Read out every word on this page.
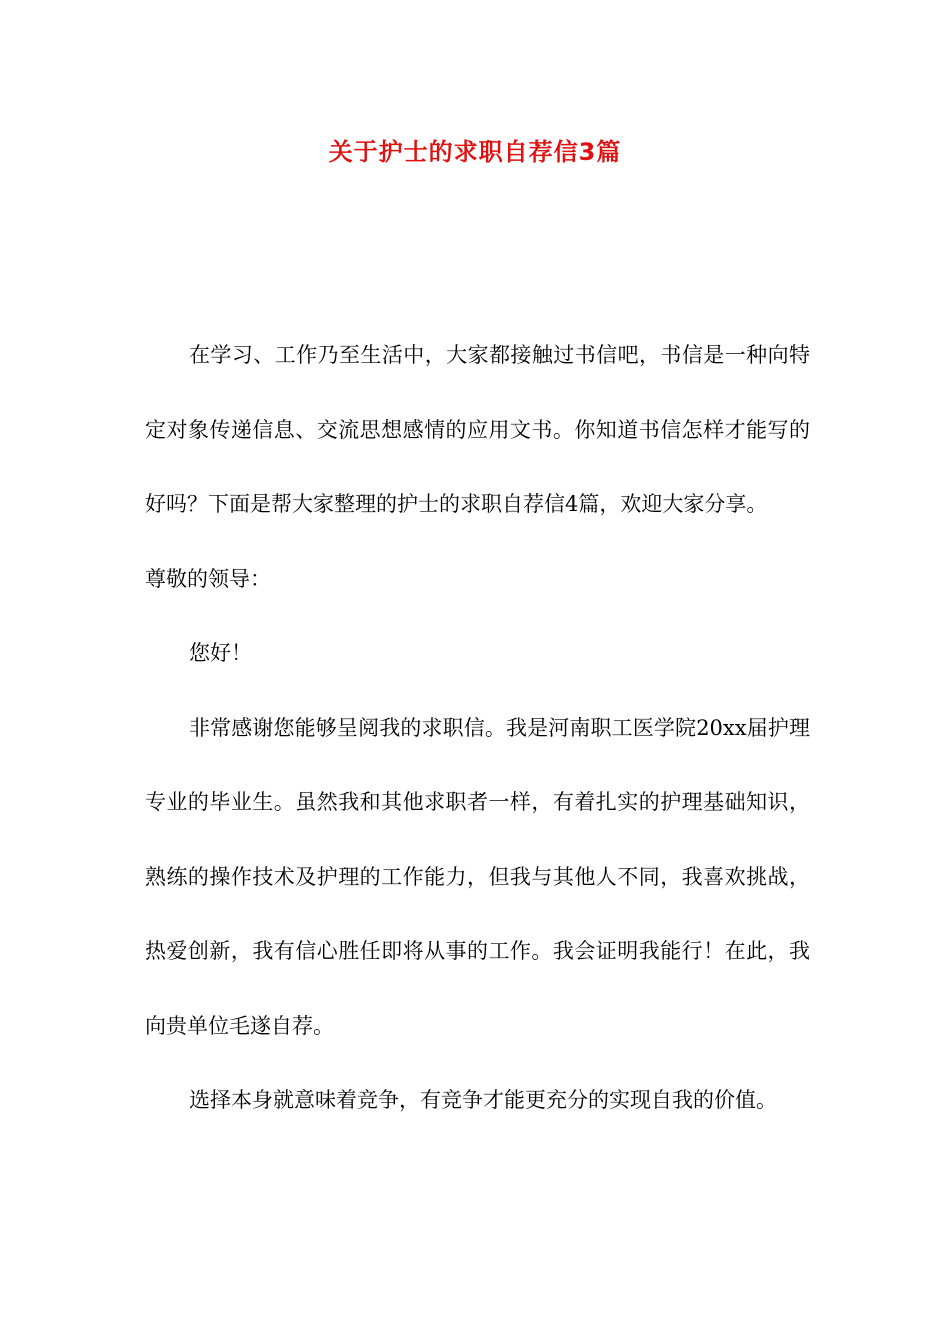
关于护士的求职自荐信3篇

在学习、工作乃至生活中，大家都接触过书信吧，书信是一种向特定对象传递信息、交流思想感情的应用文书。你知道书信怎样才能写的好吗？下面是帮大家整理的护士的求职自荐信4篇，欢迎大家分享。

尊敬的领导：

您好！

非常感谢您能够呈阅我的求职信。我是河南职工医学院20xx届护理专业的毕业生。虽然我和其他求职者一样，有着扎实的护理基础知识，熟练的操作技术及护理的工作能力，但我与其他人不同，我喜欢挑战，热爱创新，我有信心胜任即将从事的工作。我会证明我能行！在此，我向贵单位毛遂自荐。

选择本身就意味着竞争，有竞争才能更充分的实现自我的价值。
